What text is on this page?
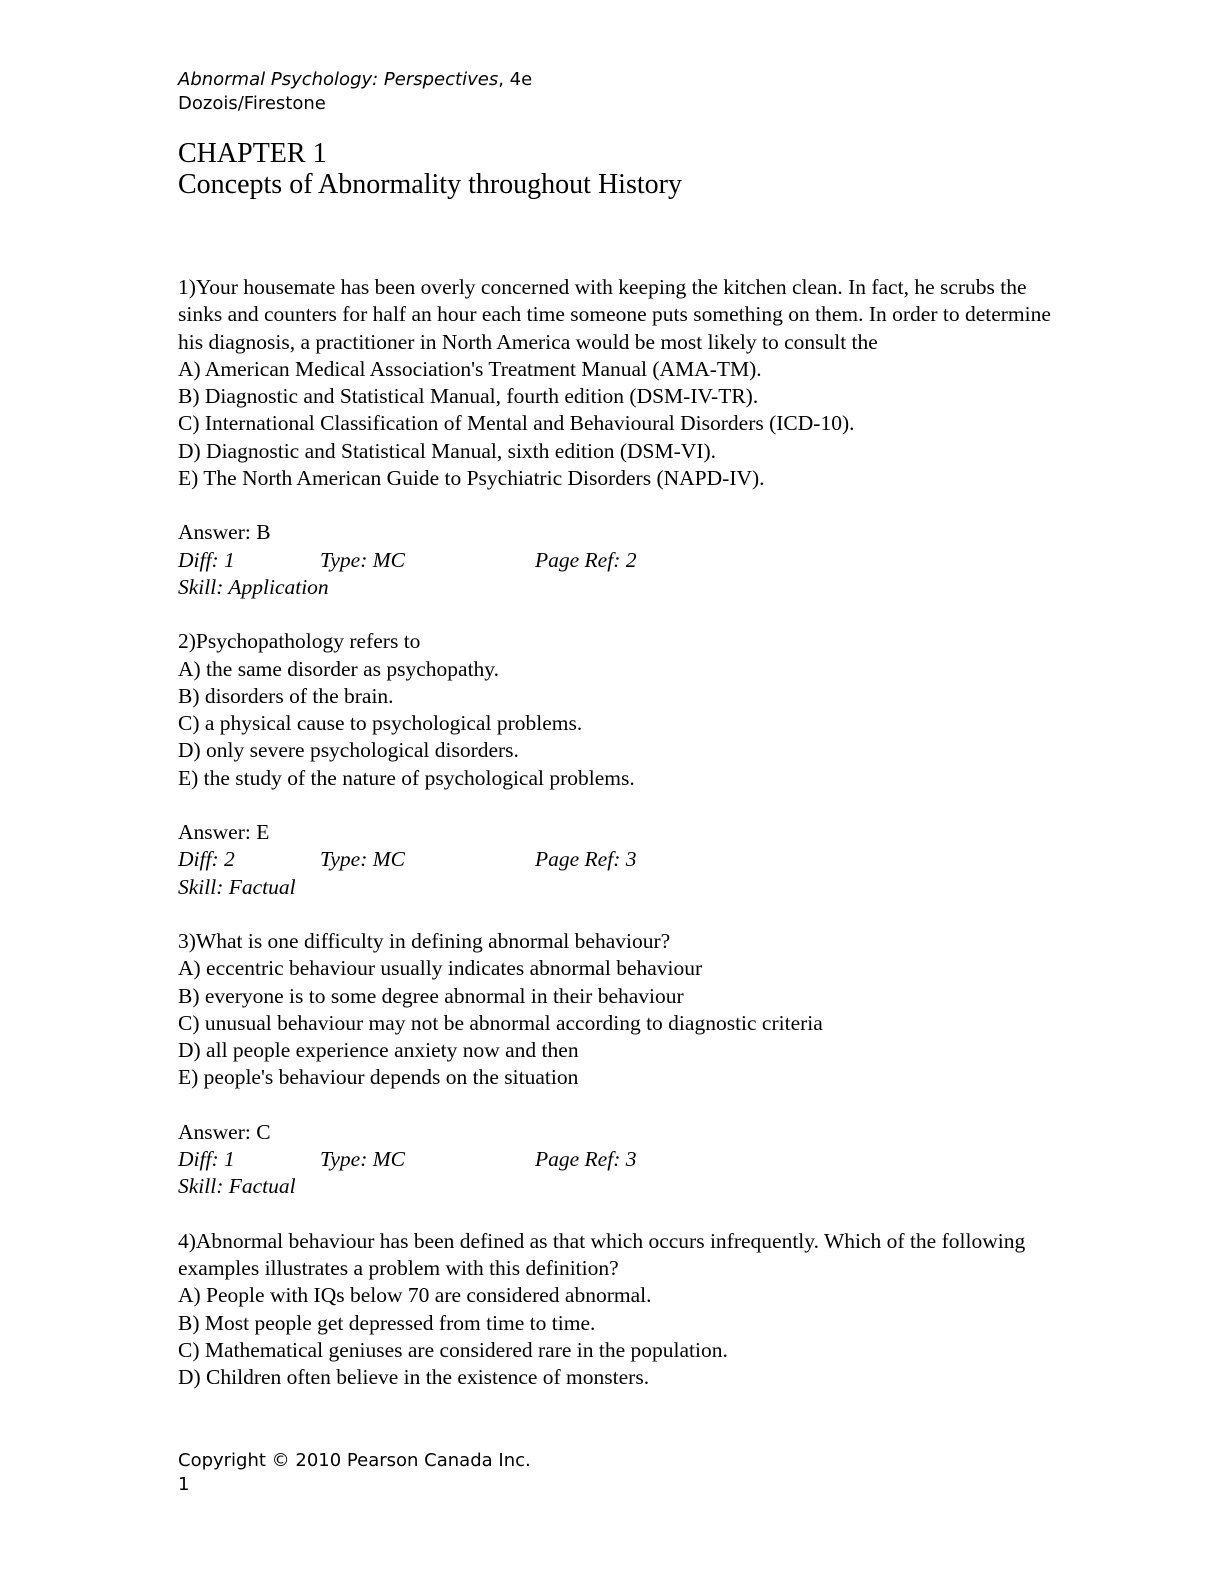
Abnormal Psychology: Perspectives, 4e

Dozois/Firestone

CHAPTER 1

Concepts of Abnormality throughout History

1)Your housemate has been overly concerned with keeping the kitchen clean. In fact, he scrubs the sinks and counters for half an hour each time someone puts something on them. In order to determine his diagnosis, a practitioner in North America would be most likely to consult the

A) American Medical Association's Treatment Manual (AMA-TM).

B) Diagnostic and Statistical Manual, fourth edition (DSM-IV-TR).

C) International Classification of Mental and Behavioural Disorders (ICD-10).

D) Diagnostic and Statistical Manual, sixth edition (DSM-VI).

E) The North American Guide to Psychiatric Disorders (NAPD-IV).

Answer: B

Diff: 1	Type: MC	Page Ref: 2

Skill: Application

2)Psychopathology refers to

A) the same disorder as psychopathy.

B) disorders of the brain.

C) a physical cause to psychological problems.

D) only severe psychological disorders.

E) the study of the nature of psychological problems.

Answer: E

Diff: 2	Type: MC	Page Ref: 3

Skill: Factual

3)What is one difficulty in defining abnormal behaviour?

A) eccentric behaviour usually indicates abnormal behaviour

B) everyone is to some degree abnormal in their behaviour

C) unusual behaviour may not be abnormal according to diagnostic criteria

D) all people experience anxiety now and then

E) people's behaviour depends on the situation

Answer: C

Diff: 1	Type: MC	Page Ref: 3

Skill: Factual

4)Abnormal behaviour has been defined as that which occurs infrequently. Which of the following examples illustrates a problem with this definition?

A) People with IQs below 70 are considered abnormal.

B) Most people get depressed from time to time.

C) Mathematical geniuses are considered rare in the population.

D) Children often believe in the existence of monsters.

Copyright © 2010 Pearson Canada Inc.

1
